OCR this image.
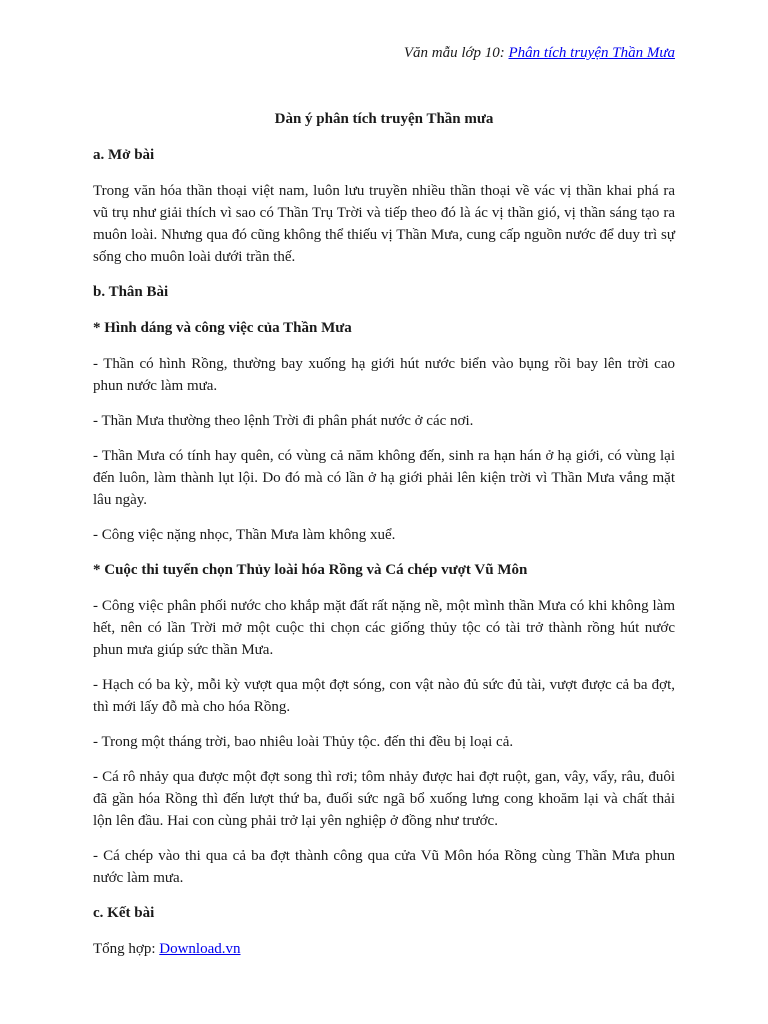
Văn mẫu lớp 10: Phân tích truyện Thần Mưa
Dàn ý phân tích truyện Thần mưa
a. Mở bài
Trong văn hóa thần thoại việt nam, luôn lưu truyền nhiều thần thoại về vác vị thần khai phá ra vũ trụ như giải thích vì sao có Thần Trụ Trời và tiếp theo đó là ác vị thần gió, vị thần sáng tạo ra muôn loài. Nhưng qua đó cũng không thể thiếu vị Thần Mưa, cung cấp nguồn nước để duy trì sự sống cho muôn loài dưới trần thế.
b. Thân Bài
* Hình dáng và công việc của Thần Mưa
- Thần có hình Rồng, thường bay xuống hạ giới hút nước biển vào bụng rồi bay lên trời cao phun nước làm mưa.
- Thần Mưa thường theo lệnh Trời đi phân phát nước ở các nơi.
- Thần Mưa có tính hay quên, có vùng cả năm không đến, sinh ra hạn hán ở hạ giới, có vùng lại đến luôn, làm thành lụt lội. Do đó mà có lần ở hạ giới phải lên kiện trời vì Thần Mưa vắng mặt lâu ngày.
- Công việc nặng nhọc, Thần Mưa làm không xuể.
* Cuộc thi tuyển chọn Thủy loài hóa Rồng và Cá chép vượt Vũ Môn
- Công việc phân phối nước cho khắp mặt đất rất nặng nề, một mình thần Mưa có khi không làm hết, nên có lần Trời mở một cuộc thi chọn các giống thủy tộc có tài trở thành rồng hút nước phun mưa giúp sức thần Mưa.
- Hạch có ba kỳ, mỗi kỳ vượt qua một đợt sóng, con vật nào đủ sức đủ tài, vượt được cả ba đợt, thì mới lấy đỗ mà cho hóa Rồng.
- Trong một tháng trời, bao nhiêu loài Thủy tộc. đến thi đều bị loại cả.
- Cá rô nhảy qua được một đợt song thì rơi; tôm nhảy được hai đợt ruột, gan, vây, vẩy, râu, đuôi đã gần hóa Rồng thì đến lượt thứ ba, đuối sức ngã bổ xuống lưng cong khoăm lại và chất thải lộn lên đầu. Hai con cùng phải trở lại yên nghiệp ở đồng như trước.
- Cá chép vào thi qua cả ba đợt thành công qua cửa Vũ Môn hóa Rồng cùng Thần Mưa phun nước làm mưa.
c. Kết bài
Tổng hợp: Download.vn
